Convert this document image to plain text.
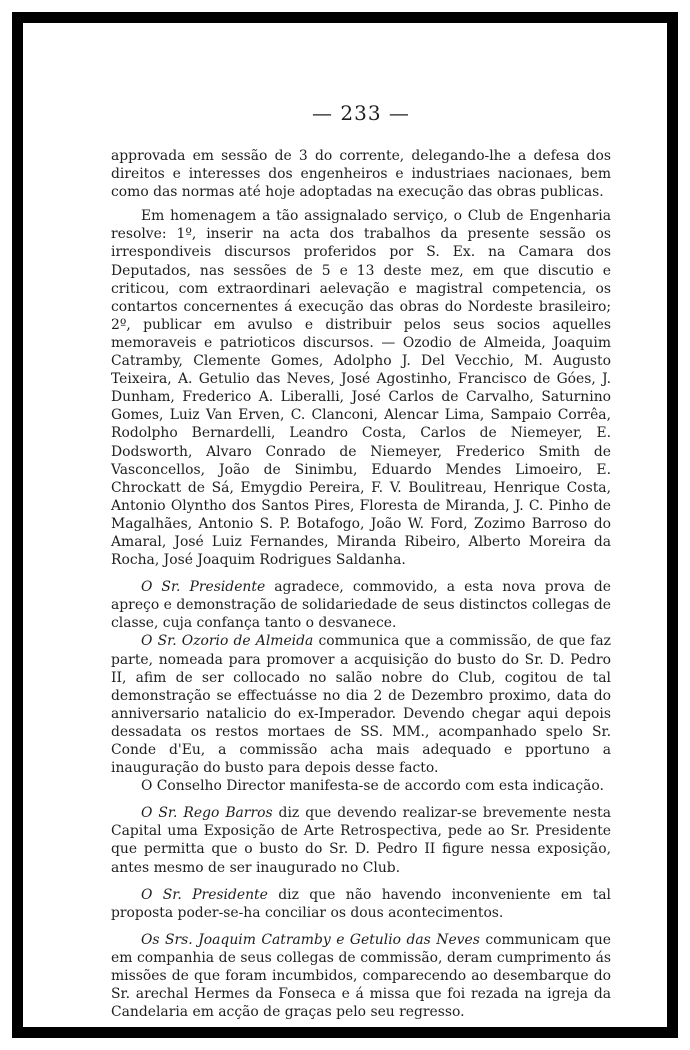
— 233 —

approvada em sessão de 3 do corrente, delegando-lhe a defesa dos direitos e interesses dos engenheiros e industriaes nacionaes, bem como das normas até hoje adoptadas na execução das obras publicas.

Em homenagem a tão assignalado serviço, o Club de Engenharia resolve: 1º, inserir na acta dos trabalhos da presente sessão os irrespondiveis discursos proferidos por S. Ex. na Camara dos Deputados, nas sessões de 5 e 13 deste mez, em que discutio e criticou, com extraordinari aelevação e magistral competencia, os contartos concernentes á execução das obras do Nordeste brasileiro; 2º, publicar em avulso e distribuir pelos seus socios aquelles memoraveis e patrioticos discursos. — Ozodio de Almeida, Joaquim Catramby, Clemente Gomes, Adolpho J. Del Vecchio, M. Augusto Teixeira, A. Getulio das Neves, José Agostinho, Francisco de Góes, J. Dunham, Frederico A. Liberalli, José Carlos de Carvalho, Saturnino Gomes, Luiz Van Erven, C. Clanconi, Alencar Lima, Sampaio Corrêa, Rodolpho Bernardelli, Leandro Costa, Carlos de Niemeyer, E. Dodsworth, Alvaro Conrado de Niemeyer, Frederico Smith de Vasconcellos, João de Sinimbu, Eduardo Mendes Limoeiro, E. Chrockatt de Sá, Emygdio Pereira, F. V. Boulitreau, Henrique Costa, Antonio Olyntho dos Santos Pires, Floresta de Miranda, J. C. Pinho de Magalhães, Antonio S. P. Botafogo, João W. Ford, Zozimo Barroso do Amaral, José Luiz Fernandes, Miranda Ribeiro, Alberto Moreira da Rocha, José Joaquim Rodrigues Saldanha.

O Sr. Presidente agradece, commovido, a esta nova prova de apreço e demonstração de solidariedade de seus distinctos collegas de classe, cuja confança tanto o desvanece.

O Sr. Ozorio de Almeida communica que a commissão, de que faz parte, nomeada para promover a acquisição do busto do Sr. D. Pedro II, afim de ser collocado no salão nobre do Club, cogitou de tal demonstração se effectuásse no dia 2 de Dezembro proximo, data do anniversario natalicio do ex-Imperador. Devendo chegar aqui depois dessadata os restos mortaes de SS. MM., acompanhado spelo Sr. Conde d'Eu, a commissão acha mais adequado e pportuno a inauguração do busto para depois desse facto.

O Conselho Director manifesta-se de accordo com esta indicação.

O Sr. Rego Barros diz que devendo realizar-se brevemente nesta Capital uma Exposição de Arte Retrospectiva, pede ao Sr. Presidente que permitta que o busto do Sr. D. Pedro II figure nessa exposição, antes mesmo de ser inaugurado no Club.

O Sr. Presidente diz que não havendo inconveniente em tal proposta poder-se-ha conciliar os dous acontecimentos.

Os Srs. Joaquim Catramby e Getulio das Neves communicam que em companhia de seus collegas de commissão, deram cumprimento ás missões de que foram incumbidos, comparecendo ao desembarque do Sr. arechal Hermes da Fonseca e á missa que foi rezada na igreja da Candelaria em acção de graças pelo seu regresso.
